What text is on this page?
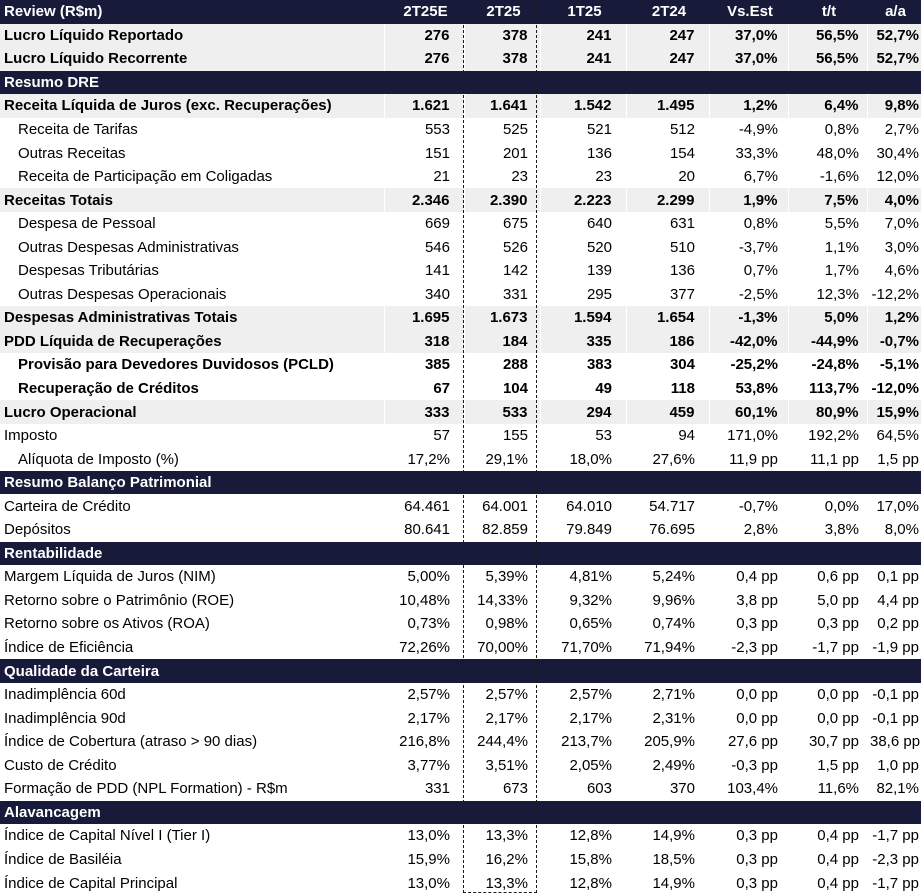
Review (R$m)	2T25E	2T25	1T25	2T24	Vs.Est	t/t	a/a
Lucro Líquido Reportado	276	378	241	247	37,0%	56,5%	52,7%
Lucro Líquido Recorrente	276	378	241	247	37,0%	56,5%	52,7%
Resumo DRE							
Receita Líquida de Juros (exc. Recuperações)	1.621	1.641	1.542	1.495	1,2%	6,4%	9,8%
Receita de Tarifas	553	525	521	512	-4,9%	0,8%	2,7%
Outras Receitas	151	201	136	154	33,3%	48,0%	30,4%
Receita de Participação em Coligadas	21	23	23	20	6,7%	-1,6%	12,0%
Receitas Totais	2.346	2.390	2.223	2.299	1,9%	7,5%	4,0%
Despesa de Pessoal	669	675	640	631	0,8%	5,5%	7,0%
Outras Despesas Administrativas	546	526	520	510	-3,7%	1,1%	3,0%
Despesas Tributárias	141	142	139	136	0,7%	1,7%	4,6%
Outras Despesas Operacionais	340	331	295	377	-2,5%	12,3%	-12,2%
Despesas Administrativas Totais	1.695	1.673	1.594	1.654	-1,3%	5,0%	1,2%
PDD Líquida de Recuperações	318	184	335	186	-42,0%	-44,9%	-0,7%
Provisão para Devedores Duvidosos (PCLD)	385	288	383	304	-25,2%	-24,8%	-5,1%
Recuperação de Créditos	67	104	49	118	53,8%	113,7%	-12,0%
Lucro Operacional	333	533	294	459	60,1%	80,9%	15,9%
Imposto	57	155	53	94	171,0%	192,2%	64,5%
Alíquota de Imposto (%)	17,2%	29,1%	18,0%	27,6%	11,9 pp	11,1 pp	1,5 pp
Resumo Balanço Patrimonial							
Carteira de Crédito	64.461	64.001	64.010	54.717	-0,7%	0,0%	17,0%
Depósitos	80.641	82.859	79.849	76.695	2,8%	3,8%	8,0%
Rentabilidade							
Margem Líquida de Juros (NIM)	5,00%	5,39%	4,81%	5,24%	0,4 pp	0,6 pp	0,1 pp
Retorno sobre o Patrimônio (ROE)	10,48%	14,33%	9,32%	9,96%	3,8 pp	5,0 pp	4,4 pp
Retorno sobre os Ativos (ROA)	0,73%	0,98%	0,65%	0,74%	0,3 pp	0,3 pp	0,2 pp
Índice de Eficiência	72,26%	70,00%	71,70%	71,94%	-2,3 pp	-1,7 pp	-1,9 pp
Qualidade da Carteira							
Inadimplência 60d	2,57%	2,57%	2,57%	2,71%	0,0 pp	0,0 pp	-0,1 pp
Inadimplência 90d	2,17%	2,17%	2,17%	2,31%	0,0 pp	0,0 pp	-0,1 pp
Índice de Cobertura (atraso > 90 dias)	216,8%	244,4%	213,7%	205,9%	27,6 pp	30,7 pp	38,6 pp
Custo de Crédito	3,77%	3,51%	2,05%	2,49%	-0,3 pp	1,5 pp	1,0 pp
Formação de PDD (NPL Formation) - R$m	331	673	603	370	103,4%	11,6%	82,1%
Alavancagem							
Índice de Capital Nível I (Tier I)	13,0%	13,3%	12,8%	14,9%	0,3 pp	0,4 pp	-1,7 pp
Índice de Basiléia	15,9%	16,2%	15,8%	18,5%	0,3 pp	0,4 pp	-2,3 pp
Índice de Capital Principal	13,0%	13,3%	12,8%	14,9%	0,3 pp	0,4 pp	-1,7 pp
